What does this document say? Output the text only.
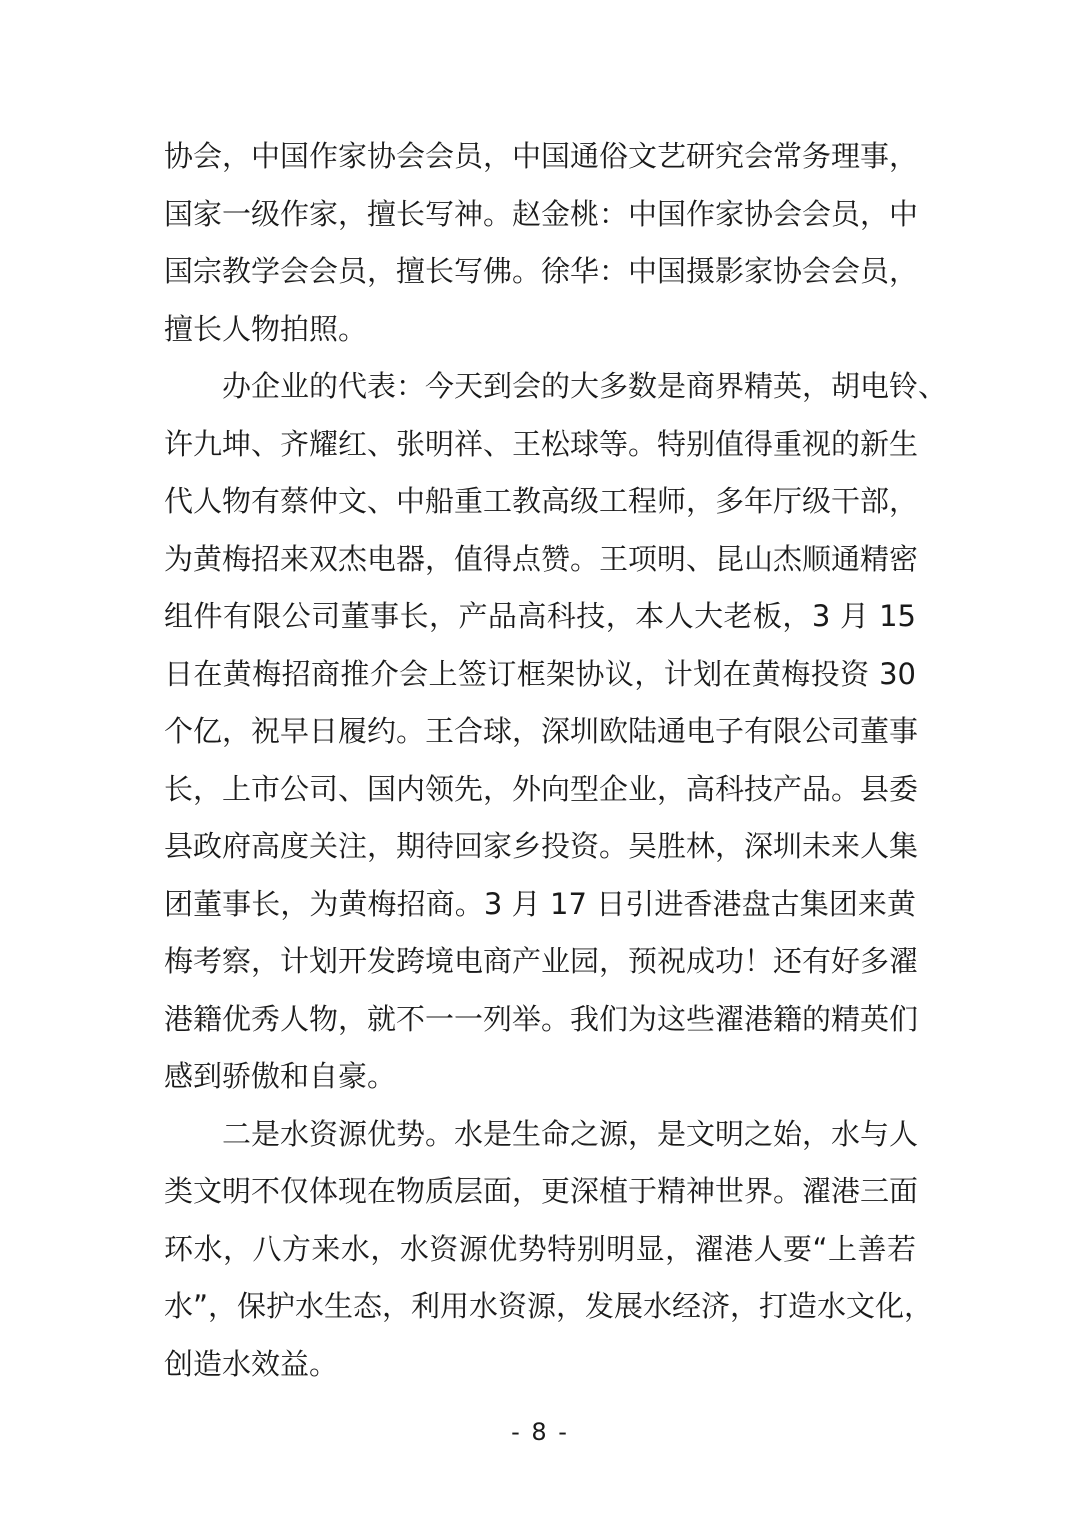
协会，中国作家协会会员，中国通俗文艺研究会常务理事，
国家一级作家，擅长写神。赵金桃：中国作家协会会员，中
国宗教学会会员，擅长写佛。徐华：中国摄影家协会会员，
擅长人物拍照。
办企业的代表：今天到会的大多数是商界精英，胡电铃、
许九坤、齐耀红、张明祥、王松球等。特别值得重视的新生
代人物有蔡仲文、中船重工教高级工程师，多年厅级干部，
为黄梅招来双杰电器，值得点赞。王项明、昆山杰顺通精密
组件有限公司董事长，产品高科技，本人大老板，3 月 15
日在黄梅招商推介会上签订框架协议，计划在黄梅投资 30
个亿，祝早日履约。王合球，深圳欧陆通电子有限公司董事
长，上市公司、国内领先，外向型企业，高科技产品。县委
县政府高度关注，期待回家乡投资。吴胜林，深圳未来人集
团董事长，为黄梅招商。3 月 17 日引进香港盘古集团来黄
梅考察，计划开发跨境电商产业园，预祝成功！还有好多濯
港籍优秀人物，就不一一列举。我们为这些濯港籍的精英们
感到骄傲和自豪。
二是水资源优势。水是生命之源，是文明之始，水与人
类文明不仅体现在物质层面，更深植于精神世界。濯港三面
环水，八方来水，水资源优势特别明显，濯港人要“上善若
水”，保护水生态，利用水资源，发展水经济，打造水文化，
创造水效益。
- 8 -
